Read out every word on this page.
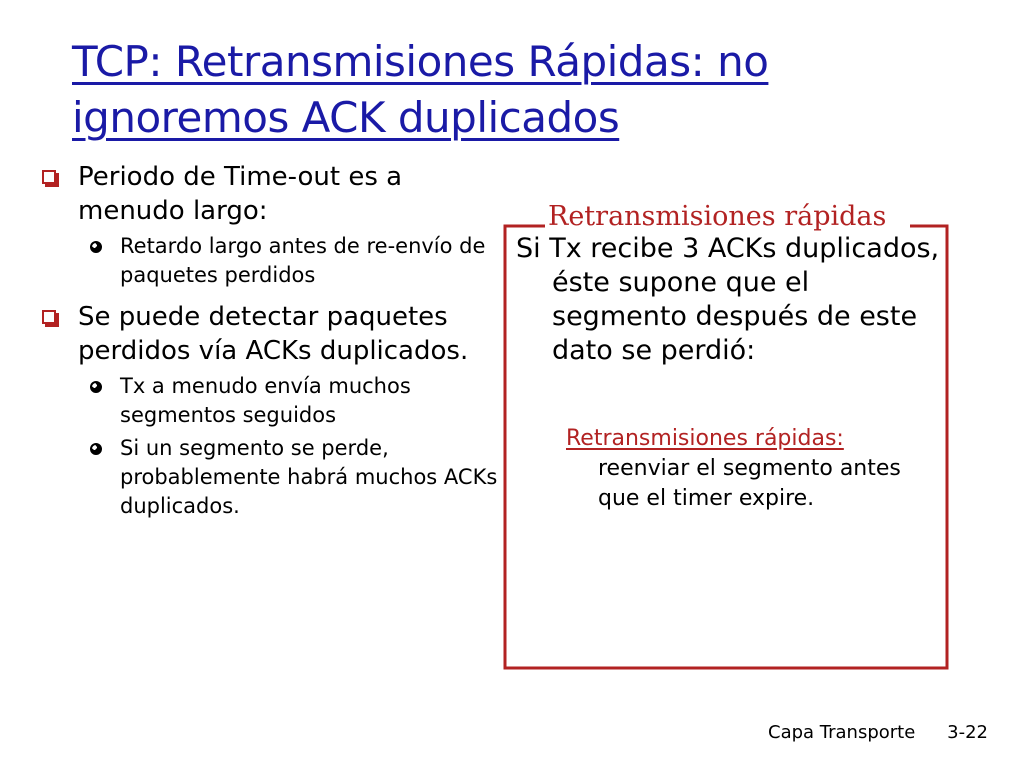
TCP: Retransmisiones Rápidas: no ignoremos ACK duplicados
Periodo de Time-out es a menudo largo:
Retardo largo antes de re-envío de paquetes perdidos
Se puede detectar paquetes perdidos vía ACKs duplicados.
Tx a menudo envía muchos segmentos seguidos
Si un segmento se perde, probablemente habrá muchos ACKs duplicados.
Retransmisiones rápidas
Si Tx recibe 3 ACKs duplicados, éste supone que el segmento después de este dato se perdió:
Retransmisiones rápidas:
reenviar el segmento antes que el timer expire.
Capa Transporte 3-22
